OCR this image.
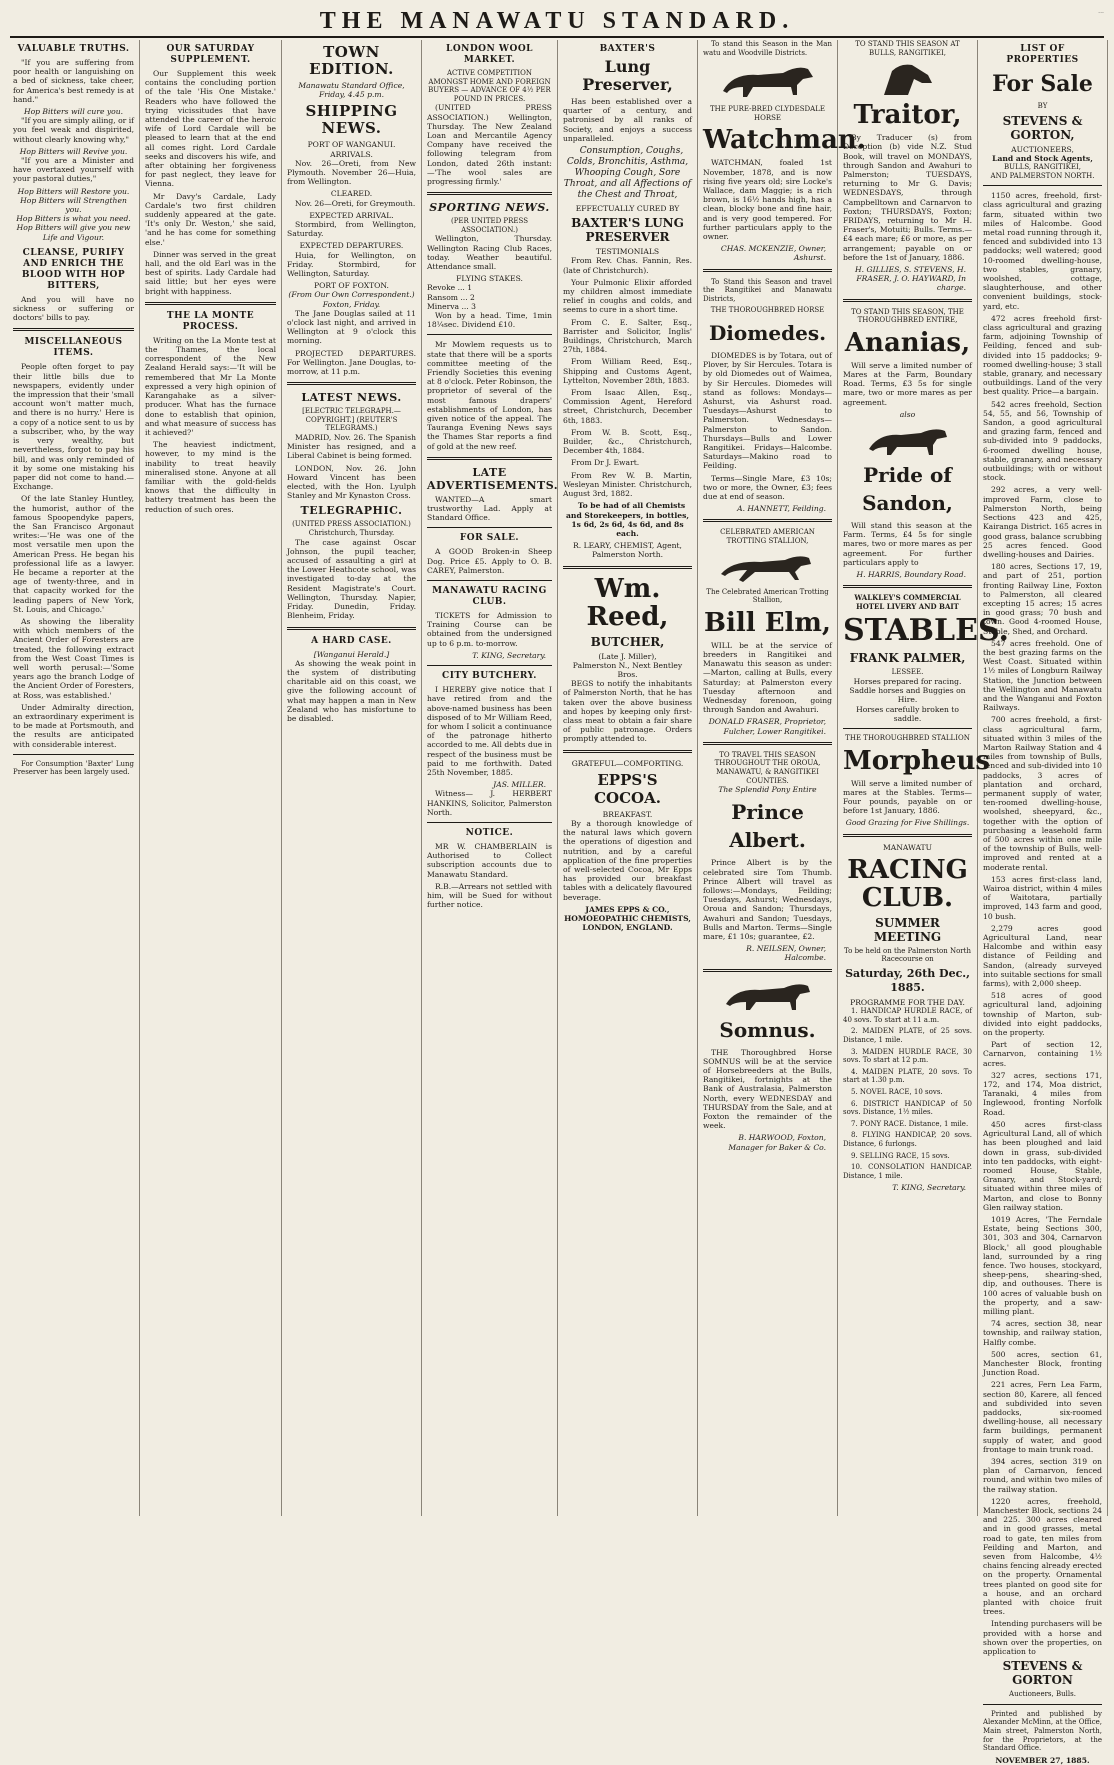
THE MANAWATU STANDARD.	...
VALUABLE TRUTHS.

"If you are suffering from poor health or languishing on a bed of sickness, take cheer, for America's best remedy is at hand."

Hop Bitters will cure you.

"If you are simply ailing, or if you feel weak and dispirited, without clearly knowing why,"

Hop Bitters will Revive you.

"If you are a Minister and have overtaxed yourself with your pastoral duties,"

Hop Bitters will Restore you.
Hop Bitters will Strengthen you.
Hop Bitters is what you need.
Hop Bitters will give you new Life and Vigour.
CLEANSE, PURIFY AND ENRICH THE BLOOD WITH HOP BITTERS,

And you will have no sickness or suffering or doctors' bills to pay.

MISCELLANEOUS ITEMS.

People often forget to pay their little bills due to newspapers, evidently under the impression that their 'small account won't matter much, and there is no hurry.' Here is a copy of a notice sent to us by a subscriber, who, by the way is very wealthy, but nevertheless, forgot to pay his bill, and was only reminded of it by some one mistaking his paper did not come to hand.—Exchange.

Of the late Stanley Huntley, the humorist, author of the famous Spoopendyke papers, the San Francisco Argonaut writes:—'He was one of the most versatile men upon the American Press. He began his professional life as a lawyer. He became a reporter at the age of twenty-three, and in that capacity worked for the leading papers of New York, St. Louis, and Chicago.'

As showing the liberality with which members of the Ancient Order of Foresters are treated, the following extract from the West Coast Times is well worth perusal:—'Some years ago the branch Lodge of the Ancient Order of Foresters, at Ross, was established.'

Under Admiralty direction, an extraordinary experiment is to be made at Portsmouth, and the results are anticipated with considerable interest.

For Consumption 'Baxter' Lung Preserver has been largely used.

OUR SATURDAY SUPPLEMENT.

Our Supplement this week contains the concluding portion of the tale 'His One Mistake.' Readers who have followed the trying vicissitudes that have attended the career of the heroic wife of Lord Cardale will be pleased to learn that at the end all comes right. Lord Cardale seeks and discovers his wife, and after obtaining her forgiveness for past neglect, they leave for Vienna.

Mr Davy's Cardale, Lady Cardale's two first children suddenly appeared at the gate. 'It's only Dr. Weston,' she said, 'and he has come for something else.'

Dinner was served in the great hall, and the old Earl was in the best of spirits. Lady Cardale had said little; but her eyes were bright with happiness.

THE LA MONTE PROCESS.

Writing on the La Monte test at the Thames, the local correspondent of the New Zealand Herald says:—'It will be remembered that Mr La Monte expressed a very high opinion of Karangahake as a silver-producer. What has the furnace done to establish that opinion, and what measure of success has it achieved?'

The heaviest indictment, however, to my mind is the inability to treat heavily mineralised stone. Anyone at all familiar with the gold-fields knows that the difficulty in battery treatment has been the reduction of such ores.

TOWN EDITION.
Manawatu Standard Office, Friday, 4.45 p.m.
SHIPPING NEWS.
PORT OF WANGANUI.
ARRIVALS.

Nov. 26—Oreti, from New Plymouth. November 26—Huia, from Wellington.

CLEARED.

Nov. 26—Oreti, for Greymouth.

EXPECTED ARRIVAL.

Stormbird, from Wellington, Saturday.

EXPECTED DEPARTURES.

Huia, for Wellington, on Friday. Stormbird, for Wellington, Saturday.

PORT OF FOXTON.
(From Our Own Correspondent.) Foxton, Friday.

The Jane Douglas sailed at 11 o'clock last night, and arrived in Wellington at 9 o'clock this morning.

PROJECTED DEPARTURES. For Wellington. Jane Douglas, to-morrow, at 11 p.m.

LATEST NEWS.
[ELECTRIC TELEGRAPH.—COPYRIGHT.] (REUTER'S TELEGRAMS.)

MADRID, Nov. 26. The Spanish Minister has resigned, and a Liberal Cabinet is being formed.

LONDON, Nov. 26. John Howard Vincent has been elected, with the Hon. Lyulph Stanley and Mr Kynaston Cross.

TELEGRAPHIC.
(UNITED PRESS ASSOCIATION.) Christchurch, Thursday.

The case against Oscar Johnson, the pupil teacher, accused of assaulting a girl at the Lower Heathcote school, was investigated to-day at the Resident Magistrate's Court. Wellington, Thursday. Napier, Friday. Dunedin, Friday. Blenheim, Friday.

A HARD CASE.
[Wanganui Herald.]

As showing the weak point in the system of distributing charitable aid on this coast, we give the following account of what may happen a man in New Zealand who has misfortune to be disabled.

LONDON WOOL MARKET.
ACTIVE COMPETITION AMONGST HOME AND FOREIGN BUYERS — ADVANCE OF 4½ PER POUND IN PRICES.

(UNITED PRESS ASSOCIATION.) Wellington, Thursday. The New Zealand Loan and Mercantile Agency Company have received the following telegram from London, dated 26th instant:—'The wool sales are progressing firmly.'

SPORTING NEWS.
(PER UNITED PRESS ASSOCIATION.)

Wellington, Thursday. Wellington Racing Club Races, today. Weather beautiful. Attendance small.

FLYING STAKES.
Revoke ... 1
Ransom ... 2
Minerva ... 3

Won by a head. Time, 1min 18¼sec. Dividend £10.

Mr Mowlem requests us to state that there will be a sports committee meeting of the Friendly Societies this evening at 8 o'clock. Peter Robinson, the proprietor of several of the most famous drapers' establishments of London, has given notice of the appeal. The Tauranga Evening News says the Thames Star reports a find of gold at the new reef.

LATE ADVERTISEMENTS.

WANTED—A smart trustworthy Lad. Apply at Standard Office.

FOR SALE.

A GOOD Broken-in Sheep Dog. Price £5. Apply to O. B. CAREY, Palmerston.

MANAWATU RACING CLUB.

TICKETS for Admission to Training Course can be obtained from the undersigned up to 6 p.m. to-morrow.

T. KING, Secretary.
CITY BUTCHERY.

I HEREBY give notice that I have retired from and the above-named business has been disposed of to Mr William Reed, for whom I solicit a continuance of the patronage hitherto accorded to me. All debts due in respect of the business must be paid to me forthwith. Dated 25th November, 1885.

JAS. MILLER.

Witness— J. HERBERT HANKINS, Solicitor, Palmerston North.

NOTICE.

MR W. CHAMBERLAIN is Authorised to Collect subscription accounts due to Manawatu Standard.

R.B.—Arrears not settled with him, will be Sued for without further notice.

BAXTER'S
Lung Preserver,

Has been established over a quarter of a century, and patronised by all ranks of Society, and enjoys a success unparalleled.

Consumption, Coughs, Colds, Bronchitis, Asthma, Whooping Cough, Sore Throat, and all Affections of the Chest and Throat,

EFFECTUALLY CURED BY
BAXTER'S LUNG PRESERVER
TESTIMONIALS

From Rev. Chas. Fannin, Res. (late of Christchurch).

Your Pulmonic Elixir afforded my children almost immediate relief in coughs and colds, and seems to cure in a short time.

From C. E. Salter, Esq., Barrister and Solicitor, Inglis' Buildings, Christchurch, March 27th, 1884.

From William Reed, Esq., Shipping and Customs Agent, Lyttelton, November 28th, 1883.

From Isaac Allen, Esq., Commission Agent, Hereford street, Christchurch, December 6th, 1883.

From W. B. Scott, Esq., Builder, &c., Christchurch, December 4th, 1884.

From Dr J. Ewart.

From Rev W. B. Martin, Wesleyan Minister. Christchurch, August 3rd, 1882.

To be had of all Chemists and Storekeepers, in bottles, 1s 6d, 2s 6d, 4s 6d, and 8s each.

R. LEARY, CHEMIST, Agent, Palmerston North.
Wm. Reed,
BUTCHER,
(Late J. Miller),
Palmerston N., Next Bentley Bros.

BEGS to notify the inhabitants of Palmerston North, that he has taken over the above business and hopes by keeping only first-class meat to obtain a fair share of public patronage. Orders promptly attended to.

GRATEFUL—COMFORTING.
EPPS'S COCOA.
BREAKFAST.

By a thorough knowledge of the natural laws which govern the operations of digestion and nutrition, and by a careful application of the fine properties of well-selected Cocoa, Mr Epps has provided our breakfast tables with a delicately flavoured beverage.

JAMES EPPS & CO., HOMOEOPATHIC CHEMISTS, LONDON, ENGLAND.

To stand this Season in the Man watu and Woodville Districts.

THE PURE-BRED CLYDESDALE HORSE
Watchman.

WATCHMAN, foaled 1st November, 1878, and is now rising five years old; sire Locke's Wallace, dam Maggie; is a rich brown, is 16½ hands high, has a clean, blocky bone and fine hair, and is very good tempered. For further particulars apply to the owner.

CHAS. MCKENZIE, Owner, Ashurst.

To Stand this Season and travel the Rangitikei and Manawatu Districts,

THE THOROUGHBRED HORSE
Diomedes.

DIOMEDES is by Totara, out of Plover, by Sir Hercules. Totara is by old Diomedes out of Waimea, by Sir Hercules. Diomedes will stand as follows: Mondays—Ashurst, via Ashurst road. Tuesdays—Ashurst to Palmerston. Wednesdays—Palmerston to Sandon. Thursdays—Bulls and Lower Rangitikei. Fridays—Halcombe. Saturdays—Makino road to Feilding.

Terms—Single Mare, £3 10s; two or more, the Owner, £3; fees due at end of season.

A. HANNETT, Feilding.
CELEBRATED AMERICAN TROTTING STALLION,
The Celebrated American Trotting Stallion,
Bill Elm,

WILL be at the service of breeders in Rangitikei and Manawatu this season as under:—Marton, calling at Bulls, every Saturday; at Palmerston every Tuesday afternoon and Wednesday forenoon, going through Sandon and Awahuri.

DONALD FRASER, Proprietor, Fulcher, Lower Rangitikei.
TO TRAVEL THIS SEASON THROUGHOUT THE OROUA, MANAWATU, & RANGITIKEI COUNTIES.
The Splendid Pony Entire
Prince Albert.

Prince Albert is by the celebrated sire Tom Thumb. Prince Albert will travel as follows:—Mondays, Feilding; Tuesdays, Ashurst; Wednesdays, Oroua and Sandon; Thursdays, Awahuri and Sandon; Tuesdays, Bulls and Marton. Terms—Single mare, £1 10s; guarantee, £2.

R. NEILSEN, Owner, Halcombe.
Somnus.

THE Thoroughbred Horse SOMNUS will be at the service of Horsebreeders at the Bulls, Rangitikei, fortnights at the Bank of Australasia, Palmerston North, every WEDNESDAY and THURSDAY from the Sale, and at Foxton the remainder of the week.

B. HARWOOD, Foxton, Manager for Baker & Co.
TO STAND THIS SEASON AT BULLS, RANGITIKEI,
Traitor,

By Traducer (s) from Deception (b) vide N.Z. Stud Book, will travel on MONDAYS, through Sandon and Awahuri to Palmerston; TUESDAYS, returning to Mr G. Davis; WEDNESDAYS, through Campbelltown and Carnarvon to Foxton; THURSDAYS, Foxton; FRIDAYS, returning to Mr H. Fraser's, Motuiti; Bulls. Terms.—£4 each mare; £6 or more, as per arrangement; payable on or before the 1st of January, 1886.

H. GILLIES, S. STEVENS, H. FRASER, J. O. HAYWARD, In charge.
TO STAND THIS SEASON, THE THOROUGHBRED ENTIRE,
Ananias,

Will serve a limited number of Mares at the Farm, Boundary Road. Terms, £3 5s for single mare, two or more mares as per agreement.

also
Pride of Sandon,

Will stand this season at the Farm. Terms, £4 5s for single mares, two or more mares as per agreement. For further particulars apply to

H. HARRIS, Boundary Road.
WALKLEY'S COMMERCIAL HOTEL LIVERY AND BAIT
STABLES.
FRANK PALMER,
LESSEE.
Horses prepared for racing.
Saddle horses and Buggies on Hire.
Horses carefully broken to saddle.
THE THOROUGHBRED STALLION
Morpheus

Will serve a limited number of mares at the Stables. Terms—Four pounds, payable on or before 1st January, 1886.

Good Grazing for Five Shillings.
MANAWATU
RACING CLUB.
SUMMER MEETING
To be held on the Palmerston North Racecourse on
Saturday, 26th Dec., 1885.
PROGRAMME FOR THE DAY.
1. HANDICAP HURDLE RACE, of 40 sovs. To start at 11 a.m.
2. MAIDEN PLATE, of 25 sovs. Distance, 1 mile.
3. MAIDEN HURDLE RACE, 30 sovs. To start at 12 p.m.
4. MAIDEN PLATE, 20 sovs. To start at 1.30 p.m.
5. NOVEL RACE, 10 sovs.
6. DISTRICT HANDICAP of 50 sovs. Distance, 1½ miles.
7. PONY RACE. Distance, 1 mile.
8. FLYING HANDICAP, 20 sovs. Distance, 6 furlongs.
9. SELLING RACE, 15 sovs.
10. CONSOLATION HANDICAP. Distance, 1 mile.
T. KING, Secretary.
LIST OF PROPERTIES
For Sale
BY
STEVENS & GORTON,
AUCTIONEERS,
Land and Stock Agents,
BULLS, RANGITIKEI,
AND PALMERSTON NORTH.

1150 acres, freehold, first-class agricultural and grazing farm, situated within two miles of Halcombe. Good metal road running through it, fenced and subdivided into 13 paddocks; well watered; good 10-roomed dwelling-house, two stables, granary, woolshed, cottage, slaughterhouse, and other convenient buildings, stock-yard, etc.

472 acres freehold first-class agricultural and grazing farm, adjoining Township of Feilding, fenced and sub-divided into 15 paddocks; 9-roomed dwelling-house; 3 stall stable, granary, and necessary outbuildings. Land of the very best quality. Price—a bargain.

542 acres freehold, Section 54, 55, and 56, Township of Sandon, a good agricultural and grazing farm, fenced and sub-divided into 9 paddocks, 6-roomed dwelling house, stable, granary, and necessary outbuildings; with or without stock.

292 acres, a very well-improved Farm, close to Palmerston North, being Sections 423 and 425, Kairanga District. 165 acres in good grass, balance scrubbing 25 acres fenced. Good dwelling-houses and Dairies.

180 acres, Sections 17, 19, and part of 251, portion fronting Railway Line, Foxton to Palmerston, all cleared excepting 15 acres; 15 acres in good grass; 70 bush and town. Good 4-roomed House, Stable, Shed, and Orchard.

547 acres freehold. One of the best grazing farms on the West Coast. Situated within 1½ miles of Longburn Railway Station, the Junction between the Wellington and Manawatu and the Wanganui and Foxton Railways.

700 acres freehold, a first-class agricultural farm, situated within 3 miles of the Marton Railway Station and 4 miles from township of Bulls, fenced and sub-divided into 10 paddocks, 3 acres of plantation and orchard, permanent supply of water, ten-roomed dwelling-house, woolshed, sheepyard, &c., together with the option of purchasing a leasehold farm of 500 acres within one mile of the township of Bulls, well-improved and rented at a moderate rental.

153 acres first-class land, Wairoa district, within 4 miles of Waitotara, partially improved, 143 farm and good, 10 bush.

2,279 acres good Agricultural Land, near Halcombe and within easy distance of Feilding and Sandon, (already surveyed into suitable sections for small farms), with 2,000 sheep.

518 acres of good agricultural land, adjoining township of Marton, sub-divided into eight paddocks, on the property.

Part of section 12, Carnarvon, containing 1½ acres.

327 acres, sections 171, 172, and 174, Moa district, Taranaki, 4 miles from Inglewood, fronting Norfolk Road.

450 acres first-class Agricultural Land, all of which has been ploughed and laid down in grass, sub-divided into ten paddocks, with eight-roomed House, Stable, Granary, and Stock-yard; situated within three miles of Marton, and close to Bonny Glen railway station.

1019 Acres, 'The Ferndale Estate, being Sections 300, 301, 303 and 304, Carnarvon Block,' all good ploughable land, surrounded by a ring fence. Two houses, stockyard, sheep-pens, shearing-shed, dip, and outhouses. There is 100 acres of valuable bush on the property, and a saw-milling plant.

74 acres, section 38, near township, and railway station, Halfly combe.

500 acres, section 61, Manchester Block, fronting Junction Road.

221 acres, Fern Lea Farm, section 80, Karere, all fenced and subdivided into seven paddocks, six-roomed dwelling-house, all necessary farm buildings, permanent supply of water, and good frontage to main trunk road.

394 acres, section 319 on plan of Carnarvon, fenced round, and within two miles of the railway station.

1220 acres, freehold, Manchester Block, sections 24 and 225. 300 acres cleared and in good grasses, metal road to gate, ten miles from Feilding and Marton, and seven from Halcombe, 4½ chains fencing already erected on the property. Ornamental trees planted on good site for a house, and an orchard planted with choice fruit trees.

Intending purchasers will be provided with a horse and shown over the properties, on application to

STEVENS & GORTON
Auctioneers, Bulls.

Printed and published by Alexander McMinn, at the Office, Main street, Palmerston North, for the Proprietors, at the Standard Office.

NOVEMBER 27, 1885.
